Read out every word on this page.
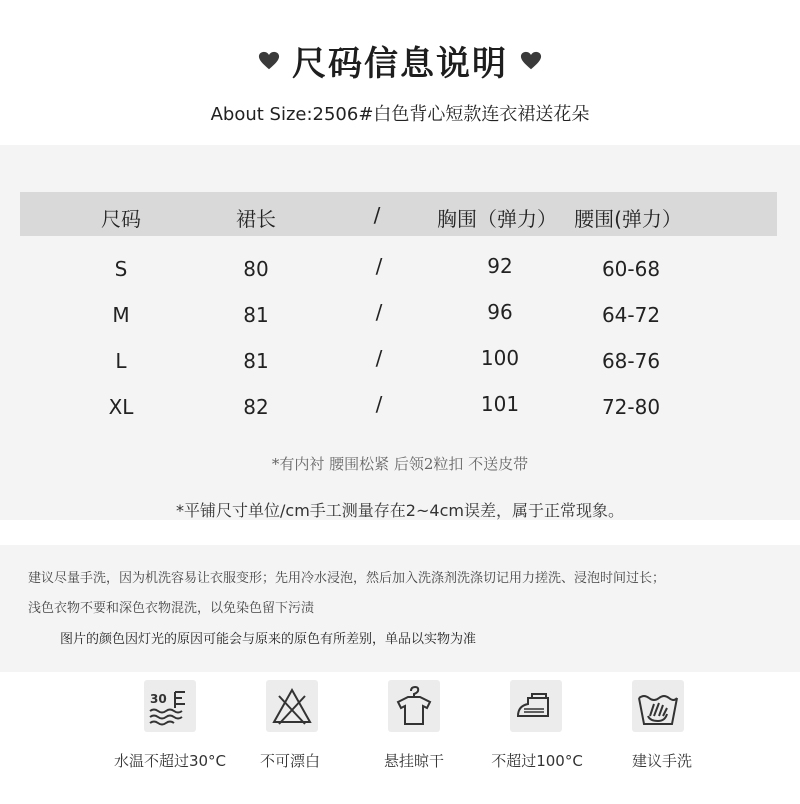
尺码信息说明
About Size:2506#白色背心短款连衣裙送花朵
尺码	裙长	/	胸围（弹力） 腰围(弹力）
S	80	/	92	60-68
M	81	/	96	64-72
L	81	/	100	68-76
XL	82	/	101	72-80
*有内衬 腰围松紧 后领2粒扣 不送皮带
*平铺尺寸单位/cm手工测量存在2~4cm误差，属于正常现象。
建议尽量手洗，因为机洗容易让衣服变形；先用冷水浸泡，然后加入洗涤剂洗涤切记用力搓洗、浸泡时间过长；
浅色衣物不要和深色衣物混洗，以免染色留下污渍
图片的颜色因灯光的原因可能会与原来的原色有所差别，单品以实物为准
30
水温不超过30°C 不可漂白	悬挂晾干	不超过100°C	建议手洗
